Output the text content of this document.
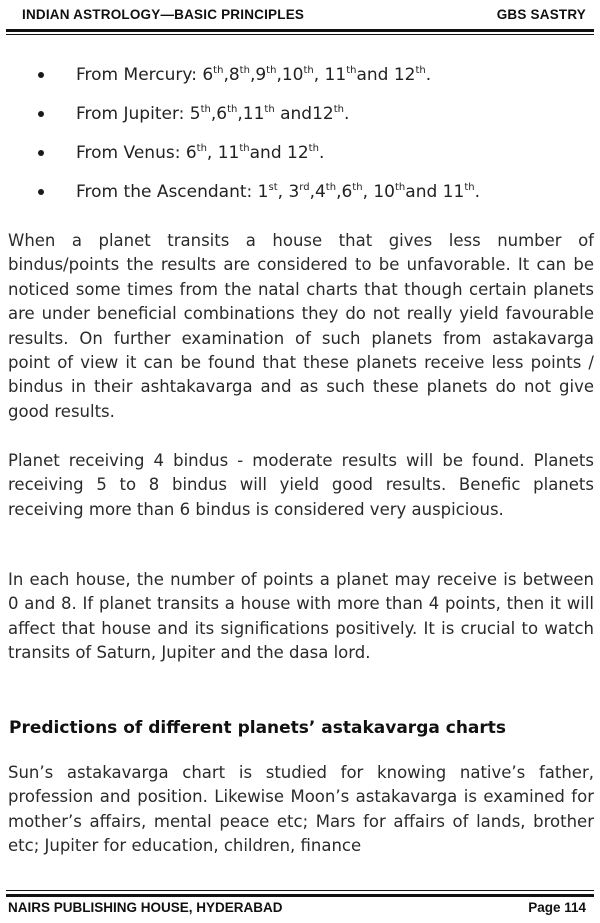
INDIAN ASTROLOGY—BASIC PRINCIPLES	GBS SASTRY
From Mercury: 6th,8th,9th,10th, 11thand 12th.
From Jupiter: 5th,6th,11th and12th.
From Venus: 6th, 11thand 12th.
From the Ascendant: 1st, 3rd,4th,6th, 10thand 11th.

When a planet transits a house that gives less number of bindus/points the results are considered to be unfavorable. It can be noticed some times from the natal charts that though certain planets are under beneficial combinations they do not really yield favourable results. On further examination of such planets from astakavarga point of view it can be found that these planets receive less points / bindus in their ashtakavarga and as such these planets do not give good results.

Planet receiving 4 bindus - moderate results will be found. Planets receiving 5 to 8 bindus will yield good results. Benefic planets receiving more than 6 bindus is considered very auspicious.

In each house, the number of points a planet may receive is between 0 and 8. If planet transits a house with more than 4 points, then it will affect that house and its significations positively. It is crucial to watch transits of Saturn, Jupiter and the dasa lord.

Predictions of different planets’ astakavarga charts

Sun’s astakavarga chart is studied for knowing native’s father, profession and position. Likewise Moon’s astakavarga is examined for mother’s affairs, mental peace etc; Mars for affairs of lands, brother etc; Jupiter for education, children, finance

NAIRS PUBLISHING HOUSE, HYDERABAD	Page 114
